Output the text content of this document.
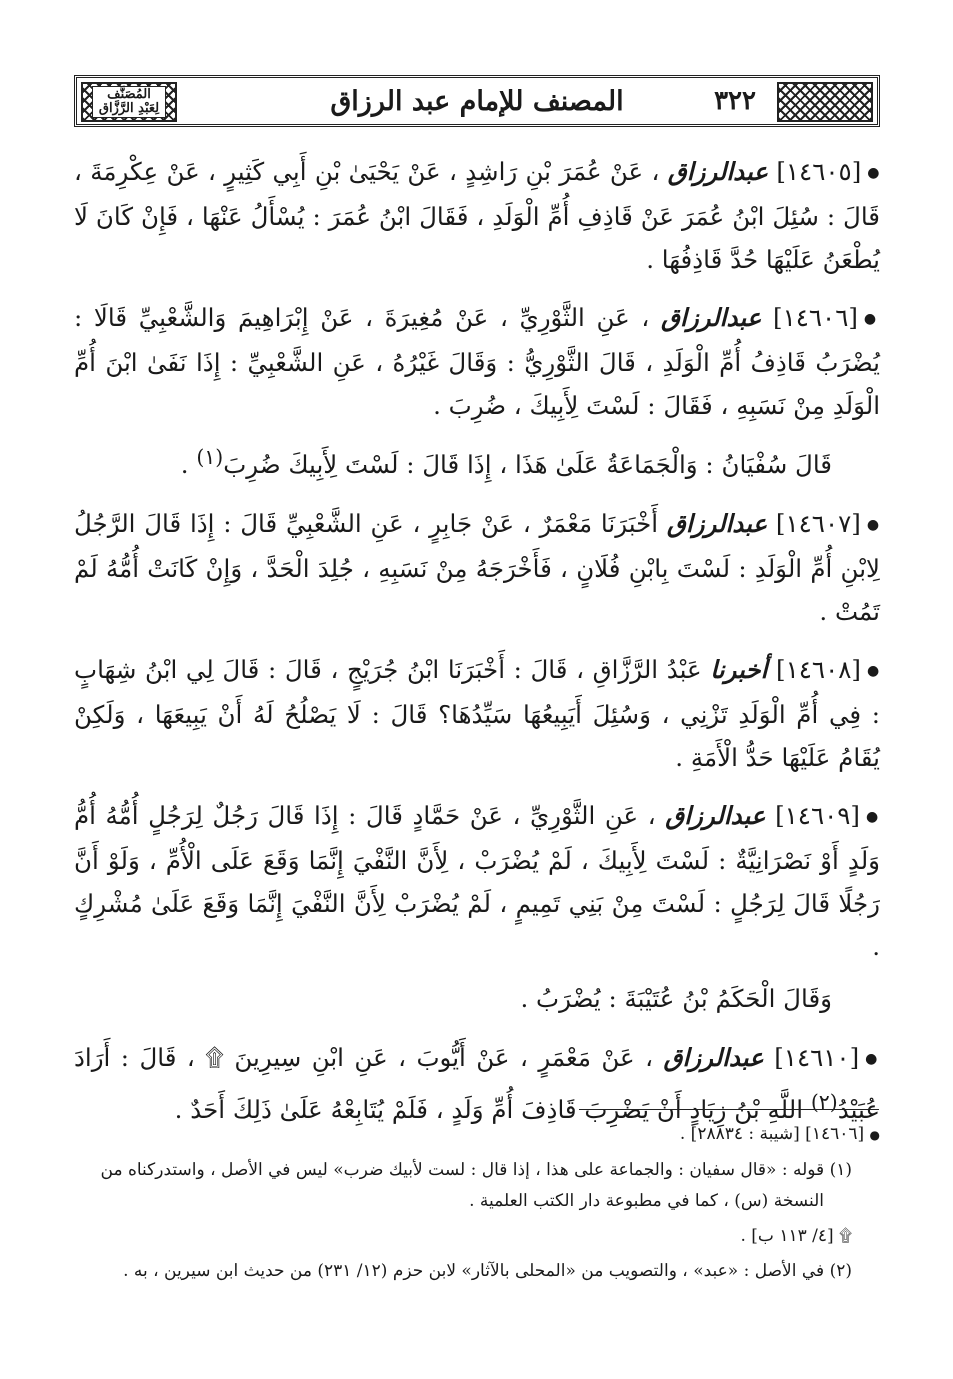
المُصَنَّف
لِعَبْدِ الرَّزَّاق	٣٢٢
المصنف للإمام عبد الرزاق

●[١٤٦٠٥] عبدالرزاق ، عَنْ عُمَرَ بْنِ رَاشِدٍ ، عَنْ يَحْيَىٰ بْنِ أَبِي كَثِيرٍ ، عَنْ عِكْرِمَةَ ، قَالَ : سُئِلَ ابْنُ عُمَرَ عَنْ قَاذِفِ أُمِّ الْوَلَدِ ، فَقَالَ ابْنُ عُمَرَ : يُسْأَلُ عَنْهَا ، فَإِنْ كَانَ لَا يُطْعَنُ عَلَيْهَا حُدَّ قَاذِفُهَا .

●[١٤٦٠٦] عبدالرزاق ، عَنِ الثَّوْرِيِّ ، عَنْ مُغِيرَةَ ، عَنْ إِبْرَاهِيمَ وَالشَّعْبِيِّ قَالَا : يُضْرَبُ قَاذِفُ أُمِّ الْوَلَدِ ، قَالَ الثَّوْرِيُّ : وَقَالَ غَيْرُهُ ، عَنِ الشَّعْبِيِّ : إِذَا نَفَىٰ ابْنَ أُمِّ الْوَلَدِ مِنْ نَسَبِهِ ، فَقَالَ : لَسْتَ لِأَبِيكَ ، ضُرِبَ .

قَالَ سُفْيَانُ : وَالْجَمَاعَةُ عَلَىٰ هَذَا ، إِذَا قَالَ : لَسْتَ لِأَبِيكَ ضُرِبَ$^{(١)}$ .

●[١٤٦٠٧] عبدالرزاق أَخْبَرَنَا مَعْمَرٌ ، عَنْ جَابِرٍ ، عَنِ الشَّعْبِيِّ قَالَ : إِذَا قَالَ الرَّجُلُ لِابْنِ أُمِّ الْوَلَدِ : لَسْتَ بِابْنِ فُلَانٍ ، فَأَخْرَجَهُ مِنْ نَسَبِهِ ، جُلِدَ الْحَدَّ ، وَإِنْ كَانَتْ أُمُّهُ لَمْ تَمُتْ .

●[١٤٦٠٨] أخبرنا عَبْدُ الرَّزَّاقِ ، قَالَ : أَخْبَرَنَا ابْنُ جُرَيْجٍ ، قَالَ : قَالَ لِي ابْنُ شِهَابٍ : فِي أُمِّ الْوَلَدِ تَزْنِي ، وَسُئِلَ أَيَبِيعُهَا سَيِّدُهَا؟ قَالَ : لَا يَصْلُحُ لَهُ أَنْ يَبِيعَهَا ، وَلَكِنْ يُقَامُ عَلَيْهَا حَدُّ الْأَمَةِ .

●[١٤٦٠٩] عبدالرزاق ، عَنِ الثَّوْرِيِّ ، عَنْ حَمَّادٍ قَالَ : إِذَا قَالَ رَجُلٌ لِرَجُلٍ أُمُّهُ أُمُّ وَلَدٍ أَوْ نَصْرَانِيَّةٌ : لَسْتَ لِأَبِيكَ ، لَمْ يُضْرَبْ ، لِأَنَّ النَّفْيَ إِنَّمَا وَقَعَ عَلَى الْأُمِّ ، وَلَوْ أَنَّ رَجُلًا قَالَ لِرَجُلٍ : لَسْتَ مِنْ بَنِي تَمِيمٍ ، لَمْ يُضْرَبْ لِأَنَّ النَّفْيَ إِنَّمَا وَقَعَ عَلَىٰ مُشْرِكٍ .

وَقَالَ الْحَكَمُ بْنُ عُتَيْبَةَ : يُضْرَبُ .

●[١٤٦١٠] عبدالرزاق ، عَنْ مَعْمَرٍ ، عَنْ أَيُّوبَ ، عَنِ ابْنِ سِيرِينَ ۩ ، قَالَ : أَرَادَ عُبَيْدُ$^{(٢)}$ اللَّهِ بْنُ زِيَادٍ أَنْ يَضْرِبَ قَاذِفَ أُمِّ وَلَدٍ ، فَلَمْ يُتَابِعْهُ عَلَىٰ ذَلِكَ أَحَدٌ .

● [١٤٦٠٦] [شيبة : ٢٨٨٣٤] .
(١) قوله : «قال سفيان : والجماعة على هذا ، إذا قال : لست لأبيك ضرب» ليس في الأصل ، واستدركناه من
النسخة (س) ، كما في مطبوعة دار الكتب العلمية .
۩ [٤/ ١١٣ ب] .
(٢) في الأصل : «عبد» ، والتصويب من «المحلى بالآثار» لابن حزم (١٢/ ٢٣١) من حديث ابن سيرين ، به .
